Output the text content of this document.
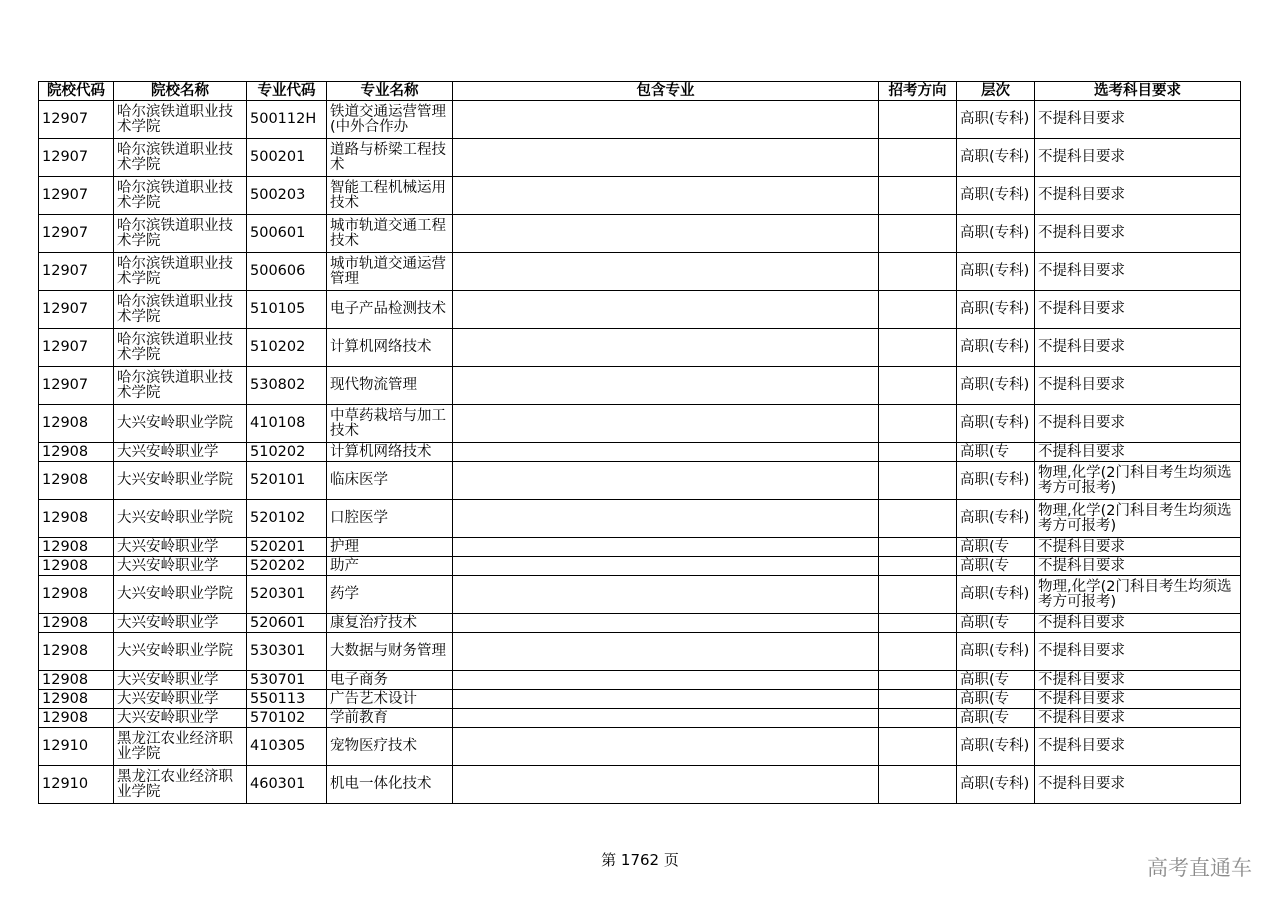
院校代码	院校名称	专业代码	专业名称	包含专业	招考方向	层次	选考科目要求
12907	哈尔滨铁道职业技术学院	500112H	铁道交通运营管理(中外合作办			高职(专科)	不提科目要求
12907	哈尔滨铁道职业技术学院	500201	道路与桥梁工程技术			高职(专科)	不提科目要求
12907	哈尔滨铁道职业技术学院	500203	智能工程机械运用技术			高职(专科)	不提科目要求
12907	哈尔滨铁道职业技术学院	500601	城市轨道交通工程技术			高职(专科)	不提科目要求
12907	哈尔滨铁道职业技术学院	500606	城市轨道交通运营管理			高职(专科)	不提科目要求
12907	哈尔滨铁道职业技术学院	510105	电子产品检测技术			高职(专科)	不提科目要求
12907	哈尔滨铁道职业技术学院	510202	计算机网络技术			高职(专科)	不提科目要求
12907	哈尔滨铁道职业技术学院	530802	现代物流管理			高职(专科)	不提科目要求
12908	大兴安岭职业学院	410108	中草药栽培与加工技术			高职(专科)	不提科目要求
12908	大兴安岭职业学	510202	计算机网络技术			高职(专	不提科目要求
12908	大兴安岭职业学院	520101	临床医学			高职(专科)	物理,化学(2门科目考生均须选考方可报考)
12908	大兴安岭职业学院	520102	口腔医学			高职(专科)	物理,化学(2门科目考生均须选考方可报考)
12908	大兴安岭职业学	520201	护理			高职(专	不提科目要求
12908	大兴安岭职业学	520202	助产			高职(专	不提科目要求
12908	大兴安岭职业学院	520301	药学			高职(专科)	物理,化学(2门科目考生均须选考方可报考)
12908	大兴安岭职业学	520601	康复治疗技术			高职(专	不提科目要求
12908	大兴安岭职业学院	530301	大数据与财务管理			高职(专科)	不提科目要求
12908	大兴安岭职业学	530701	电子商务			高职(专	不提科目要求
12908	大兴安岭职业学	550113	广告艺术设计			高职(专	不提科目要求
12908	大兴安岭职业学	570102	学前教育			高职(专	不提科目要求
12910	黑龙江农业经济职业学院	410305	宠物医疗技术			高职(专科)	不提科目要求
12910	黑龙江农业经济职业学院	460301	机电一体化技术			高职(专科)	不提科目要求
第 1762 页	高考直通车
